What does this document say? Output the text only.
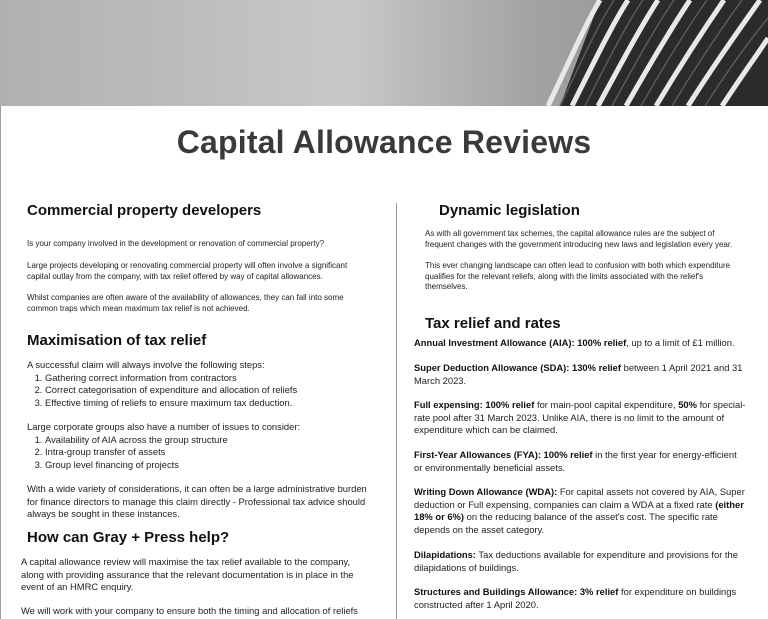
Capital Allowance Reviews
Commercial property developers
Is your company involved in the development or renovation of commercial property?
Large projects developing or renovating commercial property will often involve a significant capital outlay from the company, with tax relief offered by way of capital allowances.
Whilst companies are often aware of the availability of allowances, they can fall into some common traps which mean maximum tax relief is not achieved.
Maximisation of tax relief
A successful claim will always involve the following steps:
1. Gathering correct information from contractors
2. Correct categorisation of expenditure and allocation of reliefs
3. Effective timing of reliefs to ensure maximum tax deduction.
Large corporate groups also have a number of issues to consider:
1. Availability of AIA across the group structure
2. Intra-group transfer of assets
3. Group level financing of projects
With a wide variety of considerations, it can often be a large administrative burden for finance directors to manage this claim directly - Professional tax advice should always be sought in these instances.
How can Gray + Press help?
A capital allowance review will maximise the tax relief available to the company, along with providing assurance that the relevant documentation is in place in the event of an HMRC enquiry.
We will work with your company to ensure both the timing and allocation of reliefs
Dynamic legislation
As with all government tax schemes, the capital allowance rules are the subject of frequent changes with the government introducing new laws and legislation every year.
This ever changing landscape can often lead to confusion with both which expenditure qualifies for the relevant reliefs, along with the limits associated with the relief's themselves.
Tax relief and rates
Annual Investment Allowance (AIA): 100% relief, up to a limit of £1 million.
Super Deduction Allowance (SDA): 130% relief between 1 April 2021 and 31 March 2023.
Full expensing: 100% relief for main-pool capital expenditure, 50% for special-rate pool after 31 March 2023. Unlike AIA, there is no limit to the amount of expenditure which can be claimed.
First-Year Allowances (FYA): 100% relief in the first year for energy-efficient or environmentally beneficial assets.
Writing Down Allowance (WDA): For capital assets not covered by AIA, Super deduction or Full expensing, companies can claim a WDA at a fixed rate (either 18% or 6%) on the reducing balance of the asset's cost. The specific rate depends on the asset category.
Dilapidations: Tax deductions available for expenditure and provisions for the dilapidations of buildings.
Structures and Buildings Allowance: 3% relief for expenditure on buildings constructed after 1 April 2020.
